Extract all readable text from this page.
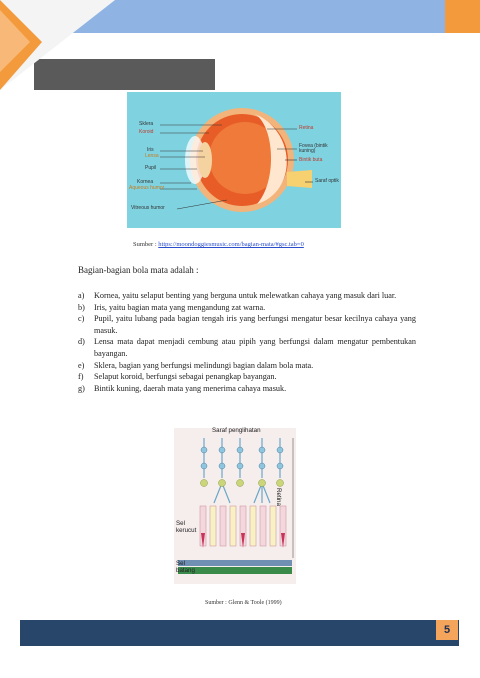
Sklera
Koroid
Iris
Lensa
Pupil
Kornea
Aqueous humor
Vitreous humor
Retina
Fovea (bintik kuning)
Bintik buta
Saraf optik
Sumber : https://moondoggiesmusic.com/bagian-mata/#gsc.tab=0
Bagian-bagian bola mata adalah :
a) Kornea, yaitu selaput benting yang berguna untuk melewatkan cahaya yang masuk dari luar.
b) Iris, yaitu bagian mata yang mengandung zat warna.
c) Pupil, yaitu lubang pada bagian tengah iris yang berfungsi mengatur besar kecilnya cahaya yang masuk.
d) Lensa mata dapat menjadi cembung atau pipih yang berfungsi dalam mengatur pembentukan bayangan.
e) Sklera, bagian yang berfungsi melindungi bagian dalam bola mata.
f) Selaput koroid, berfungsi sebagai penangkap bayangan.
g) Bintik kuning, daerah mata yang menerima cahaya masuk.
Saraf penglihatan
Retina
Sel kerucut
Sel batang
Sumber : Glenn & Toole (1999)
5
